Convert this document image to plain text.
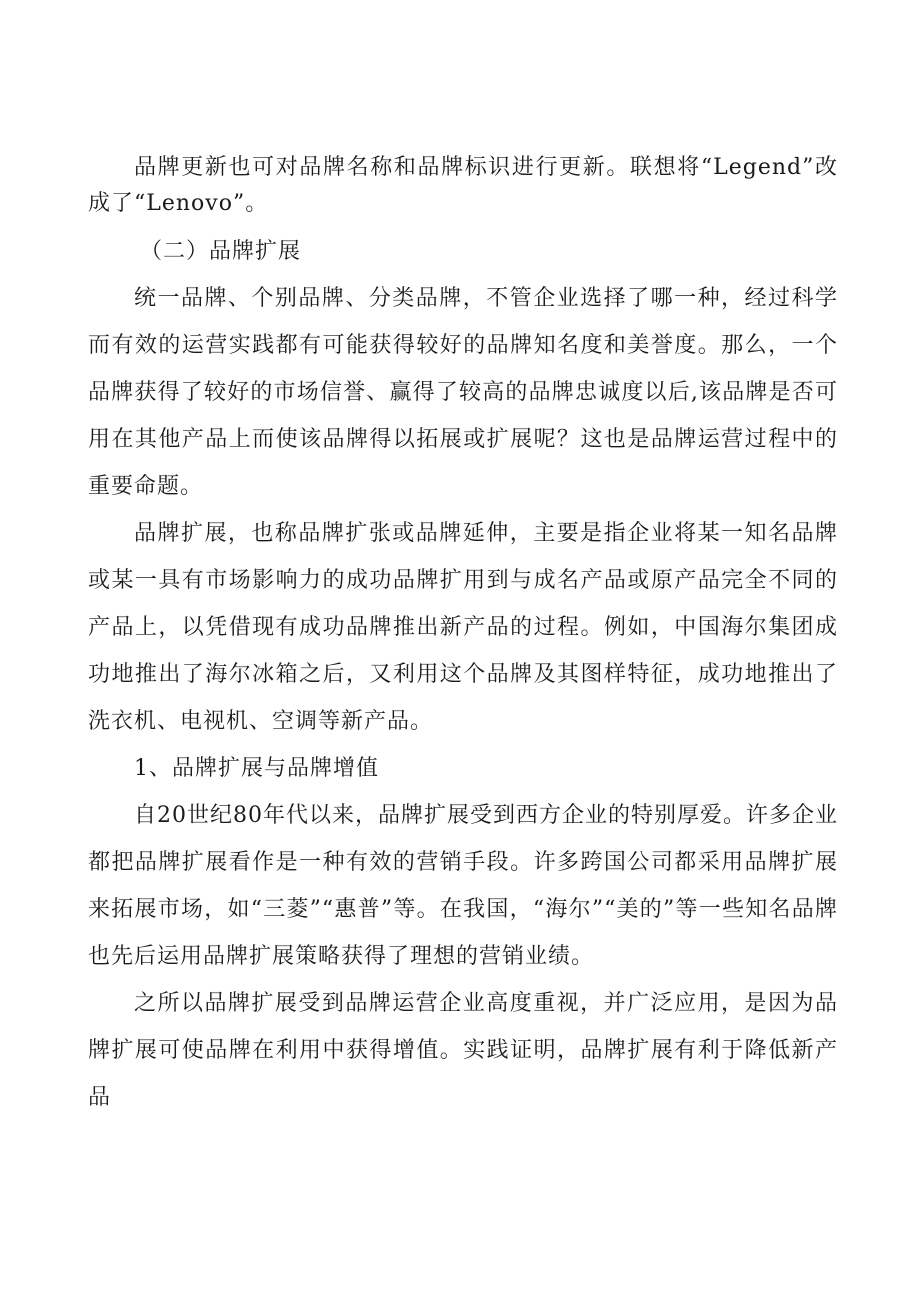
品牌更新也可对品牌名称和品牌标识进行更新。联想将“Legend”改成了“Lenovo”。

（二）品牌扩展

统一品牌、个别品牌、分类品牌，不管企业选择了哪一种，经过科学而有效的运营实践都有可能获得较好的品牌知名度和美誉度。那么，一个品牌获得了较好的市场信誉、赢得了较高的品牌忠诚度以后,该品牌是否可用在其他产品上而使该品牌得以拓展或扩展呢？这也是品牌运营过程中的重要命题。

品牌扩展，也称品牌扩张或品牌延伸，主要是指企业将某一知名品牌或某一具有市场影响力的成功品牌扩用到与成名产品或原产品完全不同的产品上，以凭借现有成功品牌推出新产品的过程。例如，中国海尔集团成功地推出了海尔冰箱之后，又利用这个品牌及其图样特征，成功地推出了洗衣机、电视机、空调等新产品。

1、品牌扩展与品牌增值

自20世纪80年代以来，品牌扩展受到西方企业的特别厚爱。许多企业都把品牌扩展看作是一种有效的营销手段。许多跨国公司都采用品牌扩展来拓展市场，如“三菱”“惠普”等。在我国，“海尔”“美的”等一些知名品牌也先后运用品牌扩展策略获得了理想的营销业绩。

之所以品牌扩展受到品牌运营企业高度重视，并广泛应用，是因为品牌扩展可使品牌在利用中获得增值。实践证明，品牌扩展有利于降低新产品
